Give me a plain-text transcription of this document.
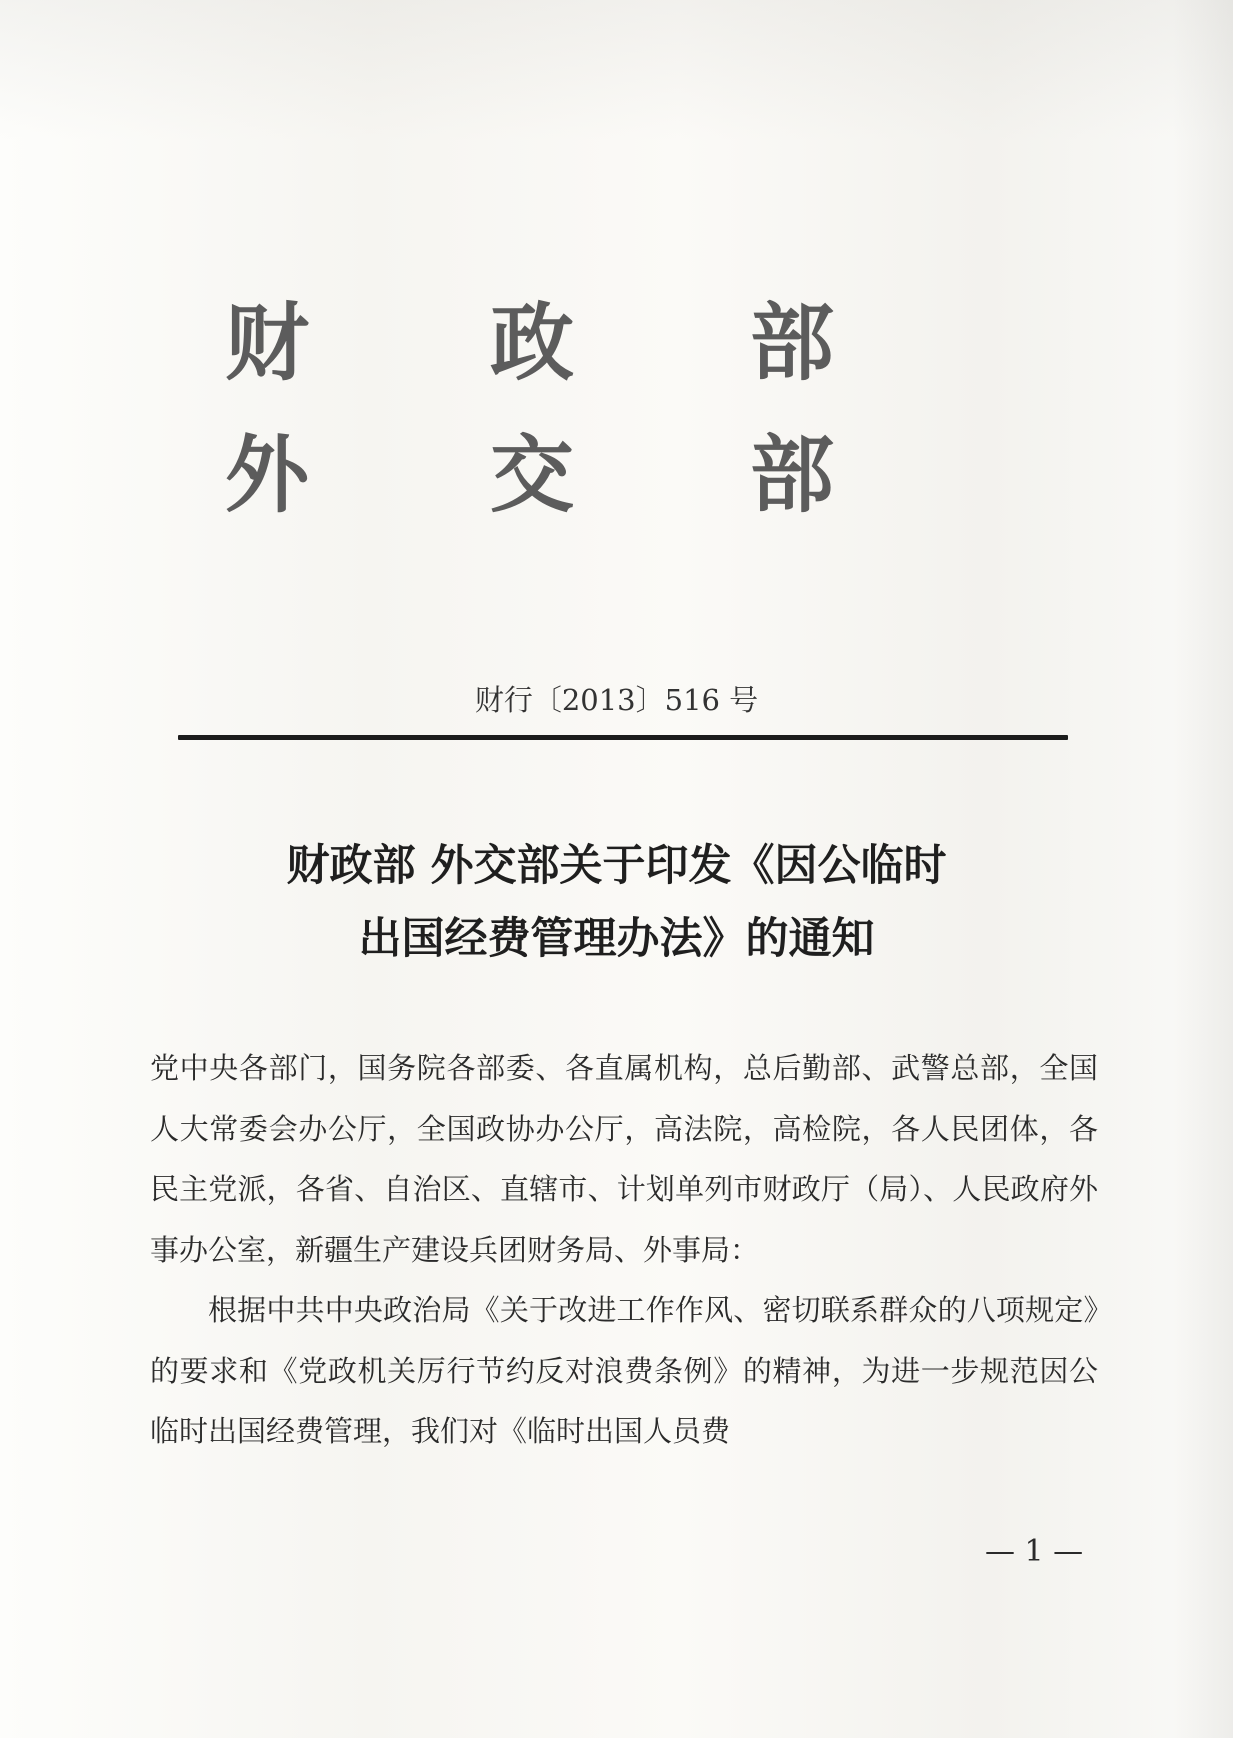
财 政 部
外 交 部
财行〔2013〕516 号
财政部 外交部关于印发《因公临时
出国经费管理办法》的通知

党中央各部门，国务院各部委、各直属机构，总后勤部、武警总部，全国人大常委会办公厅，全国政协办公厅，高法院，高检院，各人民团体，各民主党派，各省、自治区、直辖市、计划单列市财政厅（局）、人民政府外事办公室，新疆生产建设兵团财务局、外事局：

根据中共中央政治局《关于改进工作作风、密切联系群众的八项规定》的要求和《党政机关厉行节约反对浪费条例》的精神，为进一步规范因公临时出国经费管理，我们对《临时出国人员费

— 1 —
